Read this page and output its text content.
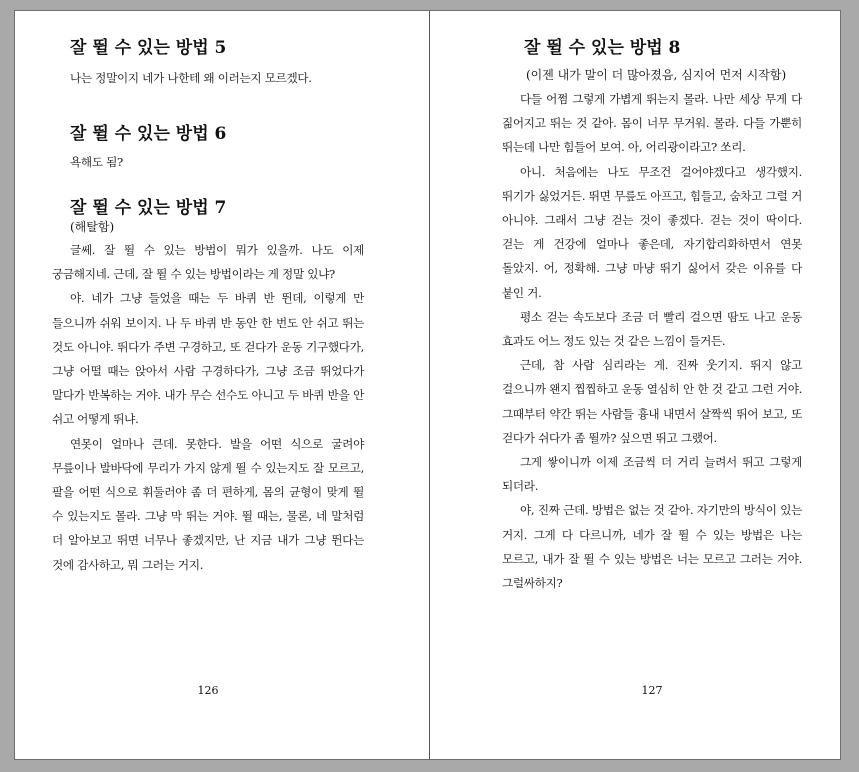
잘 뛸 수 있는 방법 5

나는 정말이지 네가 나한테 왜 이러는지 모르겠다.

잘 뛸 수 있는 방법 6

욕해도 됨?

잘 뛸 수 있는 방법 7
(해탈함)

글쎄. 잘 뛸 수 있는 방법이 뭐가 있을까. 나도 이제 궁금해지네. 근데, 잘 뛸 수 있는 방법이라는 게 정말 있냐?

야. 네가 그냥 들었을 때는 두 바퀴 반 뛴데, 이렇게 만 들으니까 쉬워 보이지. 나 두 바퀴 반 동안 한 번도 안 쉬고 뛰는 것도 아니야. 뛰다가 주변 구경하고, 또 걷다가 운동 기구했다가, 그냥 어떨 때는 앉아서 사람 구경하다가, 그냥 조금 뛰었다가 말다가 반복하는 거야. 내가 무슨 선수도 아니고 두 바퀴 반을 안 쉬고 어떻게 뛰냐.

연못이 얼마나 큰데. 못한다. 발을 어떤 식으로 굴려야 무릎이나 발바닥에 무리가 가지 않게 뛸 수 있는지도 잘 모르고, 팔을 어떤 식으로 휘둘러야 좀 더 편하게, 몸의 균형이 맞게 뛸 수 있는지도 몰라. 그냥 막 뛰는 거야. 뛸 때는, 물론, 네 말처럼 더 알아보고 뛰면 너무나 좋겠지만, 난 지금 내가 그냥 뛴다는 것에 감사하고, 뭐 그러는 거지.

126
잘 뛸 수 있는 방법 8
(이젠 내가 말이 더 많아졌음, 심지어 먼저 시작함)

다들 어쩜 그렇게 가볍게 뛰는지 몰라. 나만 세상 무게 다 짊어지고 뛰는 것 같아. 몸이 너무 무거워. 몰라. 다들 가뿐히 뛰는데 나만 힘들어 보여. 아, 어리광이라고? 쏘리.

아니. 처음에는 나도 무조건 걸어야겠다고 생각했지. 뛰기가 싫었거든. 뛰면 무릎도 아프고, 힘들고, 숨차고 그럴 거 아니야. 그래서 그냥 걷는 것이 좋겠다. 걷는 것이 딱이다. 걷는 게 건강에 얼마나 좋은데, 자기합리화하면서 연못 돌았지. 어, 정확해. 그냥 마냥 뛰기 싫어서 갖은 이유를 다 붙인 거.

평소 걷는 속도보다 조금 더 빨리 걸으면 땀도 나고 운동 효과도 어느 정도 있는 것 같은 느낌이 들거든.

근데, 참 사람 심리라는 게. 진짜 웃기지. 뛰지 않고 걸으니까 왠지 찝찝하고 운동 열심히 안 한 것 같고 그런 거야. 그때부터 약간 뛰는 사람들 흉내 내면서 살짝씩 뛰어 보고, 또 걷다가 쉬다가 좀 뛸까? 싶으면 뛰고 그랬어.

그게 쌓이니까 이제 조금씩 더 거리 늘려서 뛰고 그렇게 되더라.

야, 진짜 근데. 방법은 없는 것 같아. 자기만의 방식이 있는 거지. 그게 다 다르니까, 네가 잘 뛸 수 있는 방법은 나는 모르고, 내가 잘 뛸 수 있는 방법은 너는 모르고 그러는 거야. 그럴싸하지?

127
